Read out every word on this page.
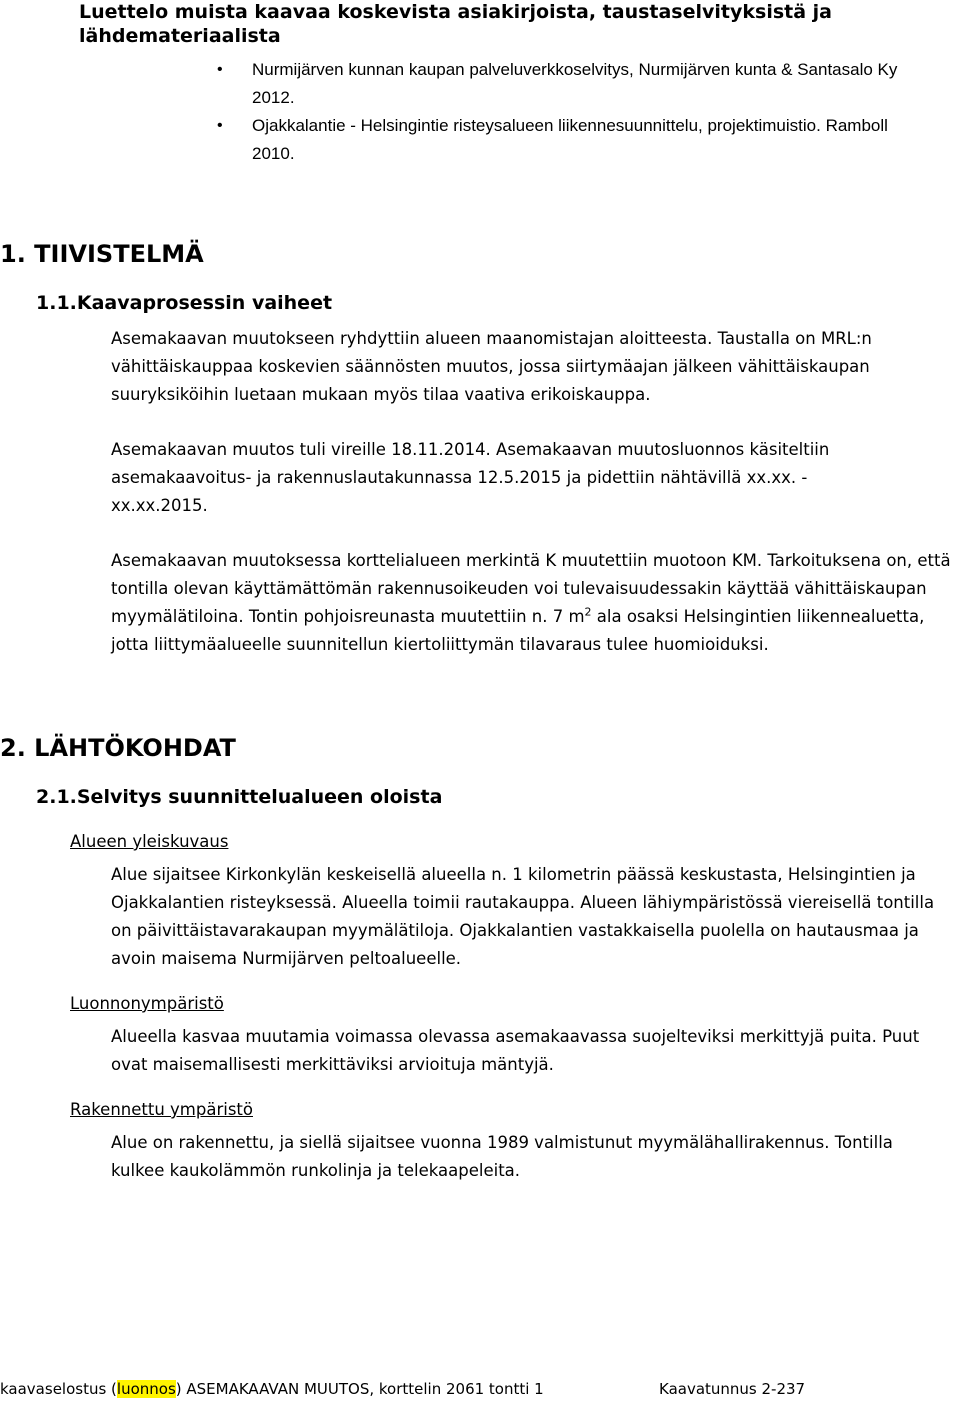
Luettelo muista kaavaa koskevista asiakirjoista, taustaselvityksistä ja lähdemateriaalista
• Nurmijärven kunnan kaupan palveluverkkoselvitys, Nurmijärven kunta & Santasalo Ky 2012.
• Ojakkalantie - Helsingintie risteysalueen liikennesuunnittelu, projektimuistio. Ramboll 2010.
1. TIIVISTELMÄ
1.1.Kaavaprosessin vaiheet

Asemakaavan muutokseen ryhdyttiin alueen maanomistajan aloitteesta. Taustalla on MRL:n vähittäiskauppaa koskevien säännösten muutos, jossa siirtymäajan jälkeen vähittäiskaupan suuryksiköihin luetaan mukaan myös tilaa vaativa erikoiskauppa.

Asemakaavan muutos tuli vireille 18.11.2014. Asemakaavan muutosluonnos käsiteltiin asemakaavoitus- ja rakennuslautakunnassa 12.5.2015 ja pidettiin nähtävillä xx.xx. - xx.xx.2015.

Asemakaavan muutoksessa korttelialueen merkintä K muutettiin muotoon KM. Tarkoituksena on, että tontilla olevan käyttämättömän rakennusoikeuden voi tulevaisuudessakin käyttää vähittäiskaupan myymälätiloina. Tontin pohjoisreunasta muutettiin n. 7 $m^2$ ala osaksi Helsingintien liikennealuetta, jotta liittymäalueelle suunnitellun kiertoliittymän tilavaraus tulee huomioiduksi.

2. LÄHTÖKOHDAT
2.1.Selvitys suunnittelualueen oloista
Alueen yleiskuvaus

Alue sijaitsee Kirkonkylän keskeisellä alueella n. 1 kilometrin päässä keskustasta, Helsingintien ja Ojakkalantien risteyksessä. Alueella toimii rautakauppa. Alueen lähiympäristössä viereisellä tontilla on päivittäistavarakaupan myymälätiloja. Ojakkalantien vastakkaisella puolella on hautausmaa ja avoin maisema Nurmijärven peltoalueelle.

Luonnonympäristö

Alueella kasvaa muutamia voimassa olevassa asemakaavassa suojelteviksi merkittyjä puita. Puut ovat maisemallisesti merkittäviksi arvioituja mäntyjä.

Rakennettu ympäristö

Alue on rakennettu, ja siellä sijaitsee vuonna 1989 valmistunut myymälähallirakennus. Tontilla kulkee kaukolämmön runkolinja ja telekaapeleita.

kaavaselostus (luonnos) ASEMAKAAVAN MUUTOS, korttelin 2061 tontti 1	Kaavatunnus 2-237
